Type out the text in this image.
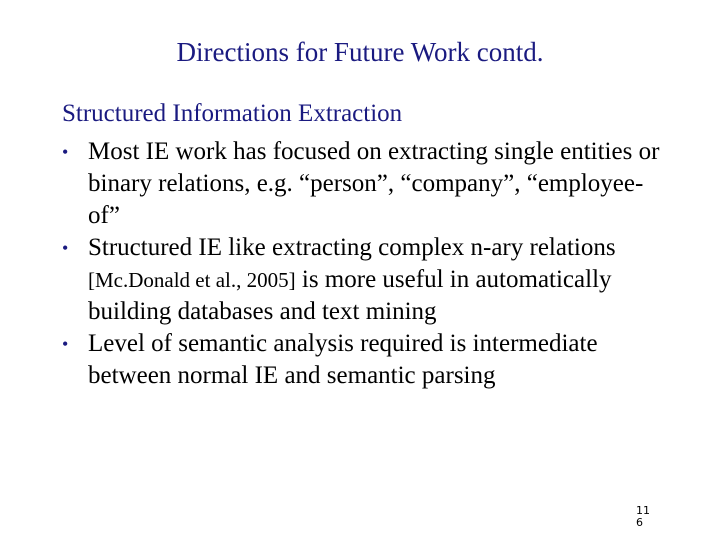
Directions for Future Work contd.
Structured Information Extraction
• Most IE work has focused on extracting single entities or binary relations, e.g. “person”, “company”, “employee-of”
• Structured IE like extracting complex n-ary relations [Mc.Donald et al., 2005] is more useful in automatically building databases and text mining
• Level of semantic analysis required is intermediate between normal IE and semantic parsing
11
6
